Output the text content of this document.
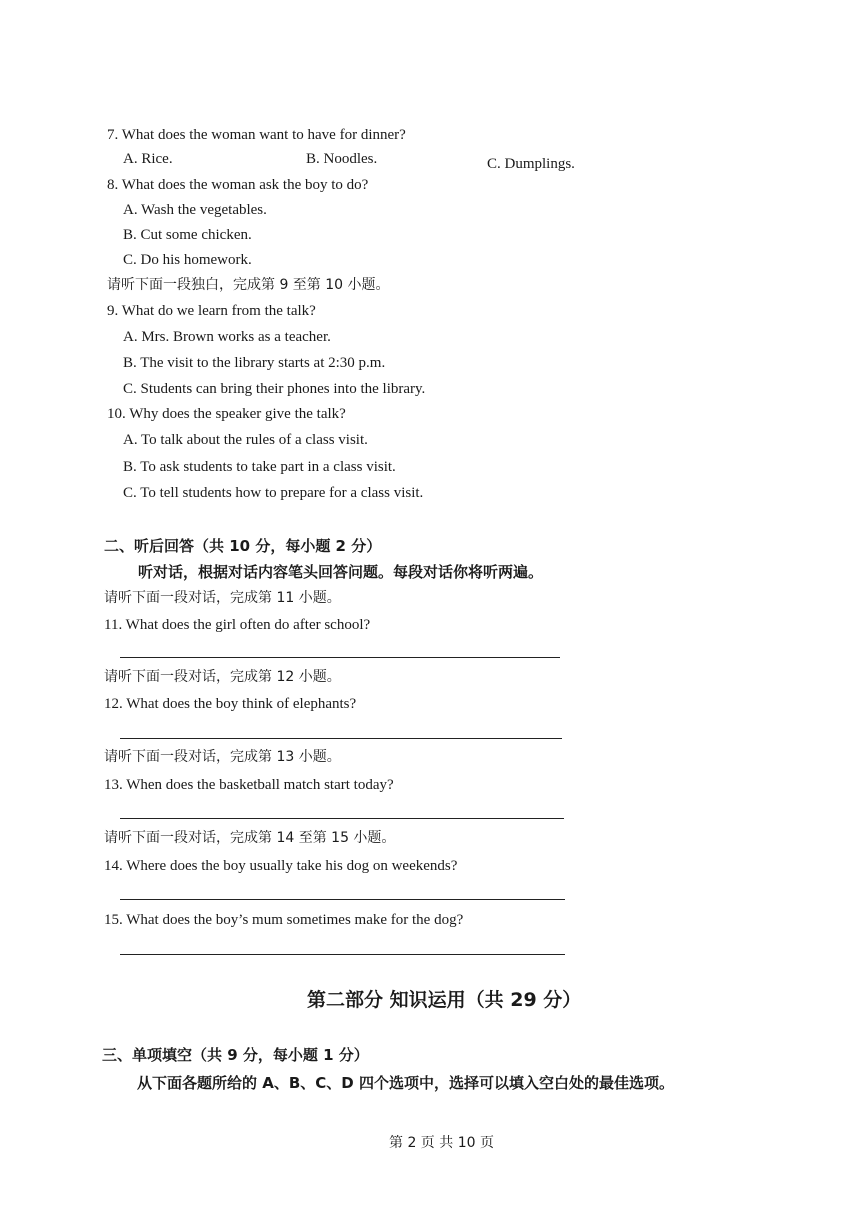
7. What does the woman want to have for dinner?
A. Rice.	B. Noodles.	C. Dumplings.
8. What does the woman ask the boy to do?
A. Wash the vegetables.
B. Cut some chicken.
C. Do his homework.
请听下面一段独白，完成第 9 至第 10 小题。
9. What do we learn from the talk?
A. Mrs. Brown works as a teacher.
B. The visit to the library starts at 2:30 p.m.
C. Students can bring their phones into the library.
10. Why does the speaker give the talk?
A. To talk about the rules of a class visit.
B. To ask students to take part in a class visit.
C. To tell students how to prepare for a class visit.
二、听后回答（共 10 分，每小题 2 分）
听对话，根据对话内容笔头回答问题。每段对话你将听两遍。
请听下面一段对话，完成第 11 小题。
11. What does the girl often do after school?
请听下面一段对话，完成第 12 小题。
12. What does the boy think of elephants?
请听下面一段对话，完成第 13 小题。
13. When does the basketball match start today?
请听下面一段对话，完成第 14 至第 15 小题。
14. Where does the boy usually take his dog on weekends?
15. What does the boy’s mum sometimes make for the dog?
第二部分 知识运用（共 29 分）
三、单项填空（共 9 分，每小题 1 分）
从下面各题所给的 A、B、C、D 四个选项中，选择可以填入空白处的最佳选项。
第 2 页 共 10 页
